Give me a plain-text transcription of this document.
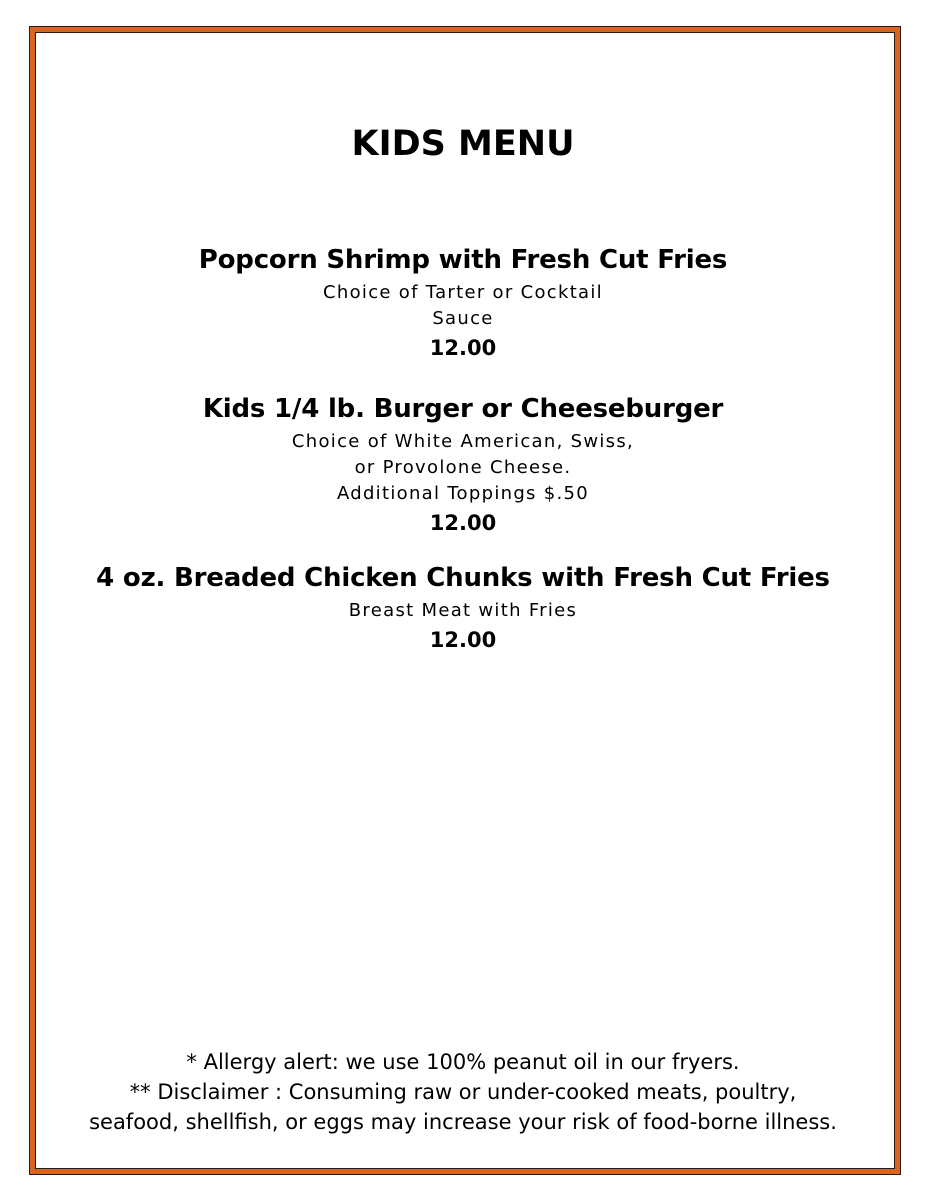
KIDS MENU
Popcorn Shrimp with Fresh Cut Fries
Choice of Tarter or Cocktail
Sauce
12.00
Kids 1/4 lb. Burger or Cheeseburger
Choice of White American, Swiss,
or Provolone Cheese.
Additional Toppings $.50
12.00
4 oz. Breaded Chicken Chunks with Fresh Cut Fries
Breast Meat with Fries
12.00
* Allergy alert: we use 100% peanut oil in our fryers.
** Disclaimer : Consuming raw or under-cooked meats, poultry,
seafood, shellfish, or eggs may increase your risk of food-borne illness.
